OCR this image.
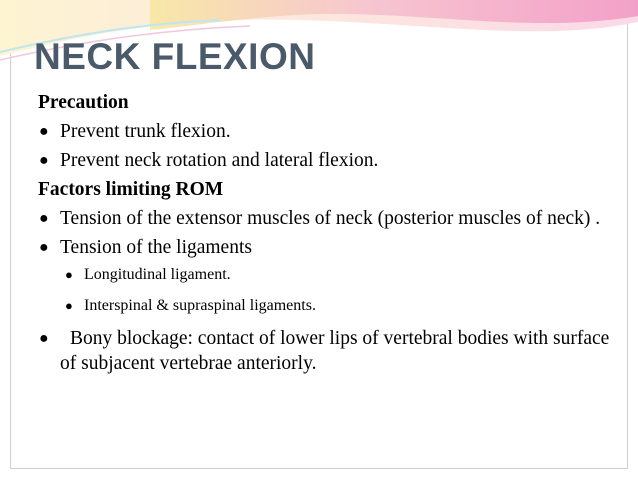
NECK FLEXION

Precaution

● Prevent trunk flexion.

● Prevent neck rotation and lateral flexion.

Factors limiting ROM

● Tension of the extensor muscles of neck (posterior muscles of neck) .

● Tension of the ligaments

● Longitudinal ligament.

● Interspinal & supraspinal ligaments.

● Bony blockage: contact of lower lips of vertebral bodies with surface of subjacent vertebrae anteriorly.
